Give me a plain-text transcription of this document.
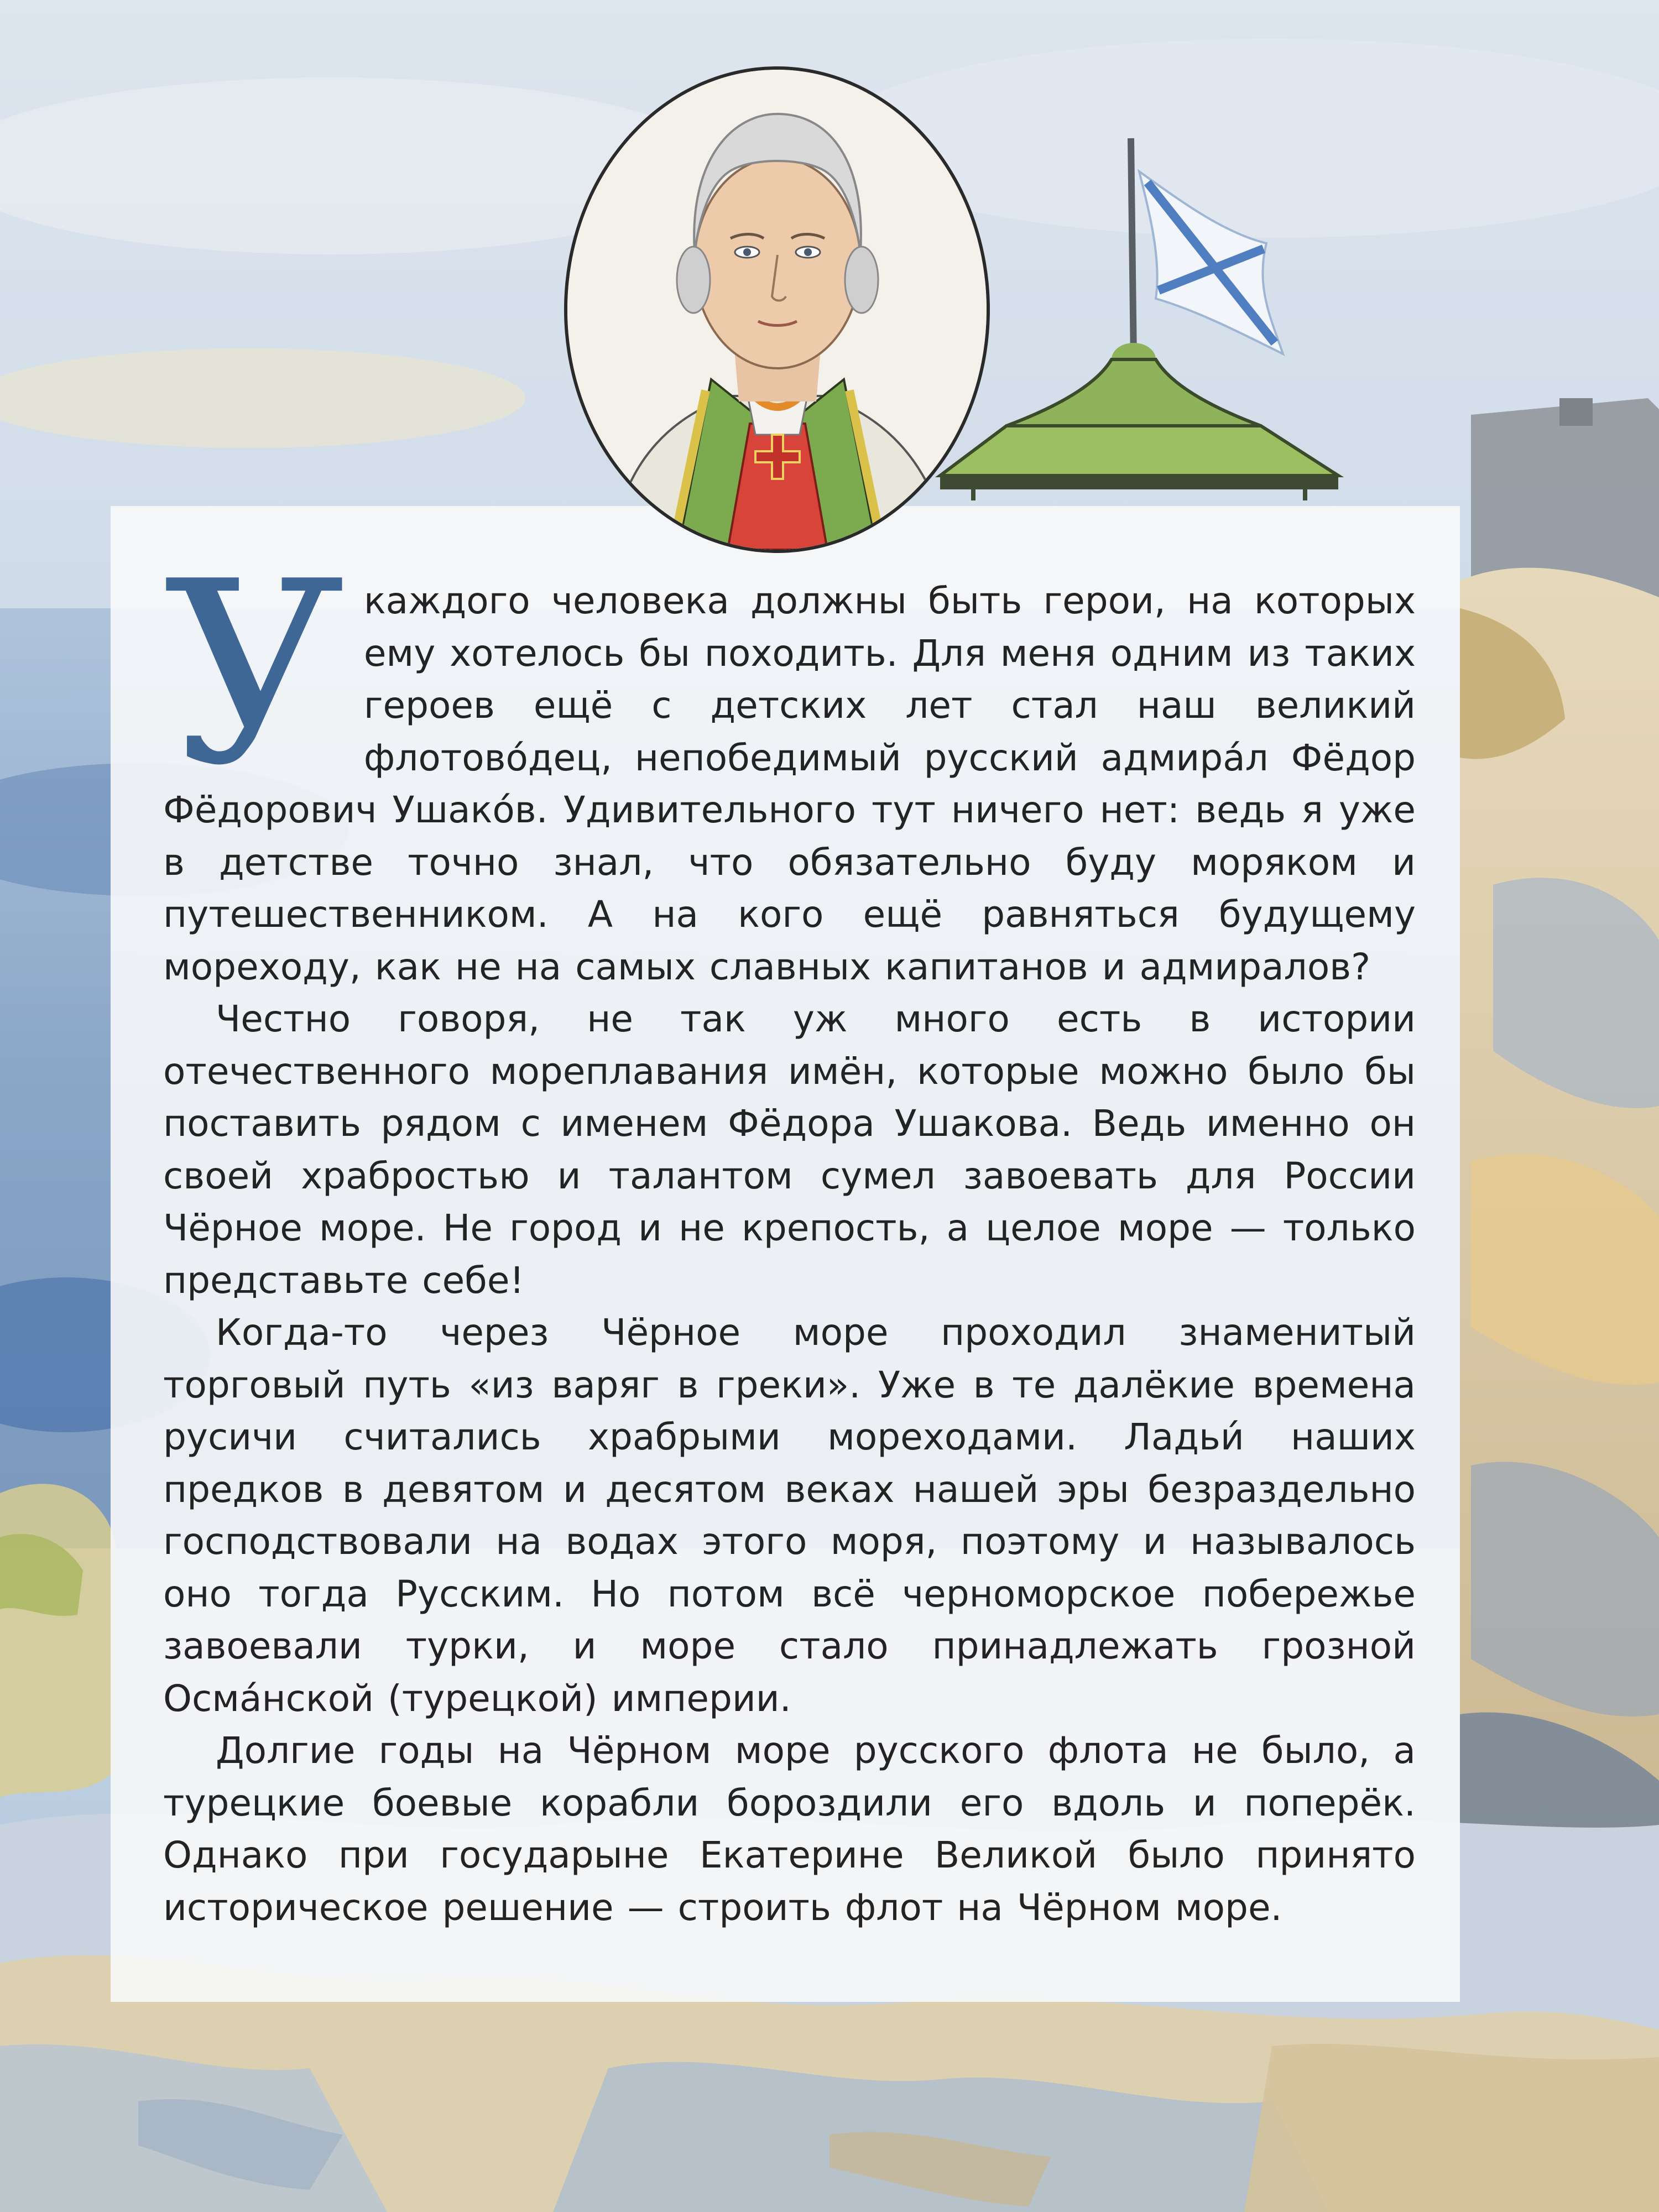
У каждого человека должны быть герои, на которых ему хотелось бы походить. Для меня одним из таких героев ещё с детских лет стал наш великий флотово́дец, непобедимый русский адмира́л Фёдор Фёдорович Ушако́в. Удивительного тут ничего нет: ведь я уже в детстве точно знал, что обязательно буду моряком и путешественником. А на кого ещё равняться будущему мореходу, как не на самых славных капитанов и адмиралов?

Честно говоря, не так уж много есть в истории отечественного мореплавания имён, которые можно было бы поставить рядом с именем Фёдора Ушакова. Ведь именно он своей храбростью и талантом сумел завоевать для России Чёрное море. Не город и не крепость, а целое море — только представьте себе!

Когда-то через Чёрное море проходил знаменитый торговый путь «из варяг в греки». Уже в те далёкие времена русичи считались храбрыми мореходами. Ладьи́ наших предков в девятом и десятом веках нашей эры безраздельно господствовали на водах этого моря, поэтому и называлось оно тогда Русским. Но потом всё черноморское побережье завоевали турки, и море стало принадлежать грозной Осма́нской (турецкой) империи.

Долгие годы на Чёрном море русского флота не было, а турецкие боевые корабли бороздили его вдоль и поперёк. Однако при государыне Екатерине Великой было принято историческое решение — строить флот на Чёрном море.
